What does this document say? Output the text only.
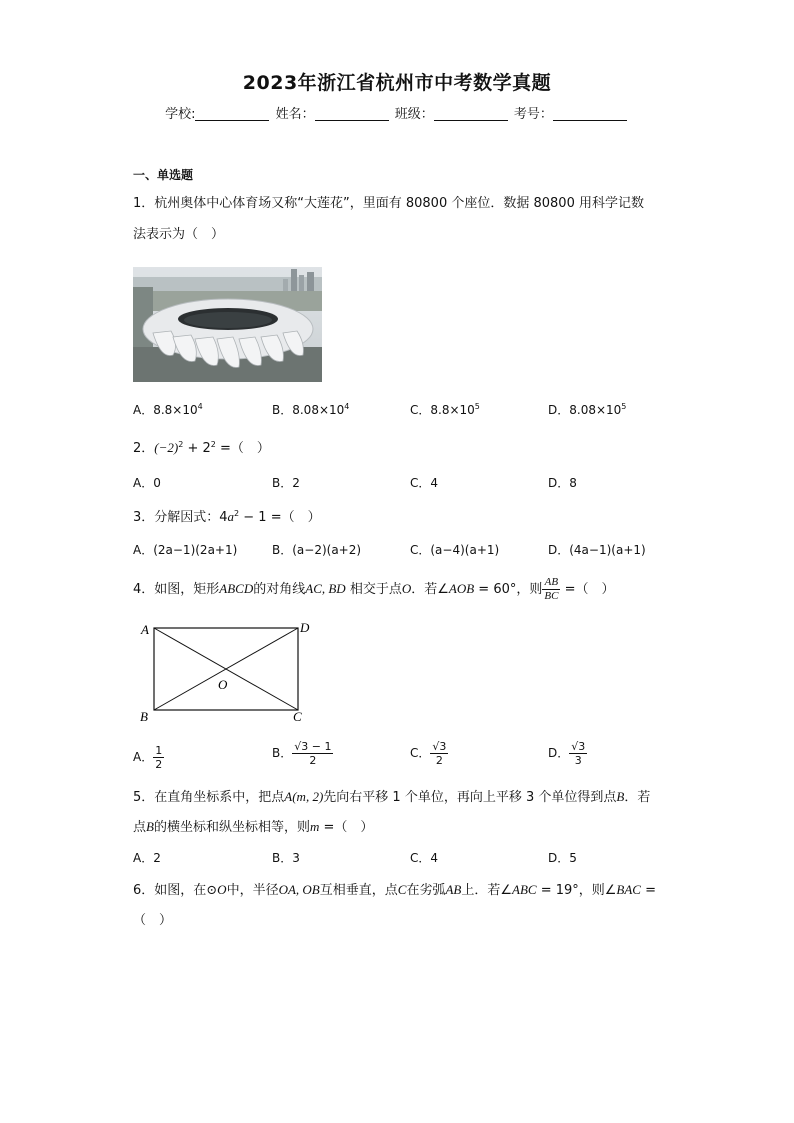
2023年浙江省杭州市中考数学真题
学校:	姓名：	班级：	考号：
一、单选题
1．杭州奥体中心体育场又称“大莲花”，里面有 80800 个座位．数据 80800 用科学记数
法表示为（　）
A．$8.8\times 10^4$	B．$8.08\times 10^4$	C．$8.8\times 10^5$	D．$8.08\times 10^5$
2．$(-2)^2 + 2^2$ =（　）
A．0	B．2	C．4	D．8
3．分解因式：$4a^2 - 1$ =（　）
A．(2a−1)(2a+1)	B．(a−2)(a+2)	C．(a−4)(a+1)	D．(4a−1)(a+1)
4．如图，矩形ABCD的对角线AC, BD 相交于点O．若∠AOB = 60°，则 $\frac{AB}{BC}$ =（　）
A	D
B	C
O
A． $\frac{1}{2}$	B． $\frac{√3 - 1}{2}$	C． $\frac{√3}{2}$	D． $\frac{√3}{3}$
5．在直角坐标系中，把点A(m, 2)先向右平移 1 个单位，再向上平移 3 个单位得到点B．若
点B的横坐标和纵坐标相等，则m =（　）
A．2	B．3	C．4	D．5
6．如图，在⊙O中，半径OA, OB互相垂直，点C在劣弧AB上．若∠ABC = 19°，则∠BAC =
（　）
